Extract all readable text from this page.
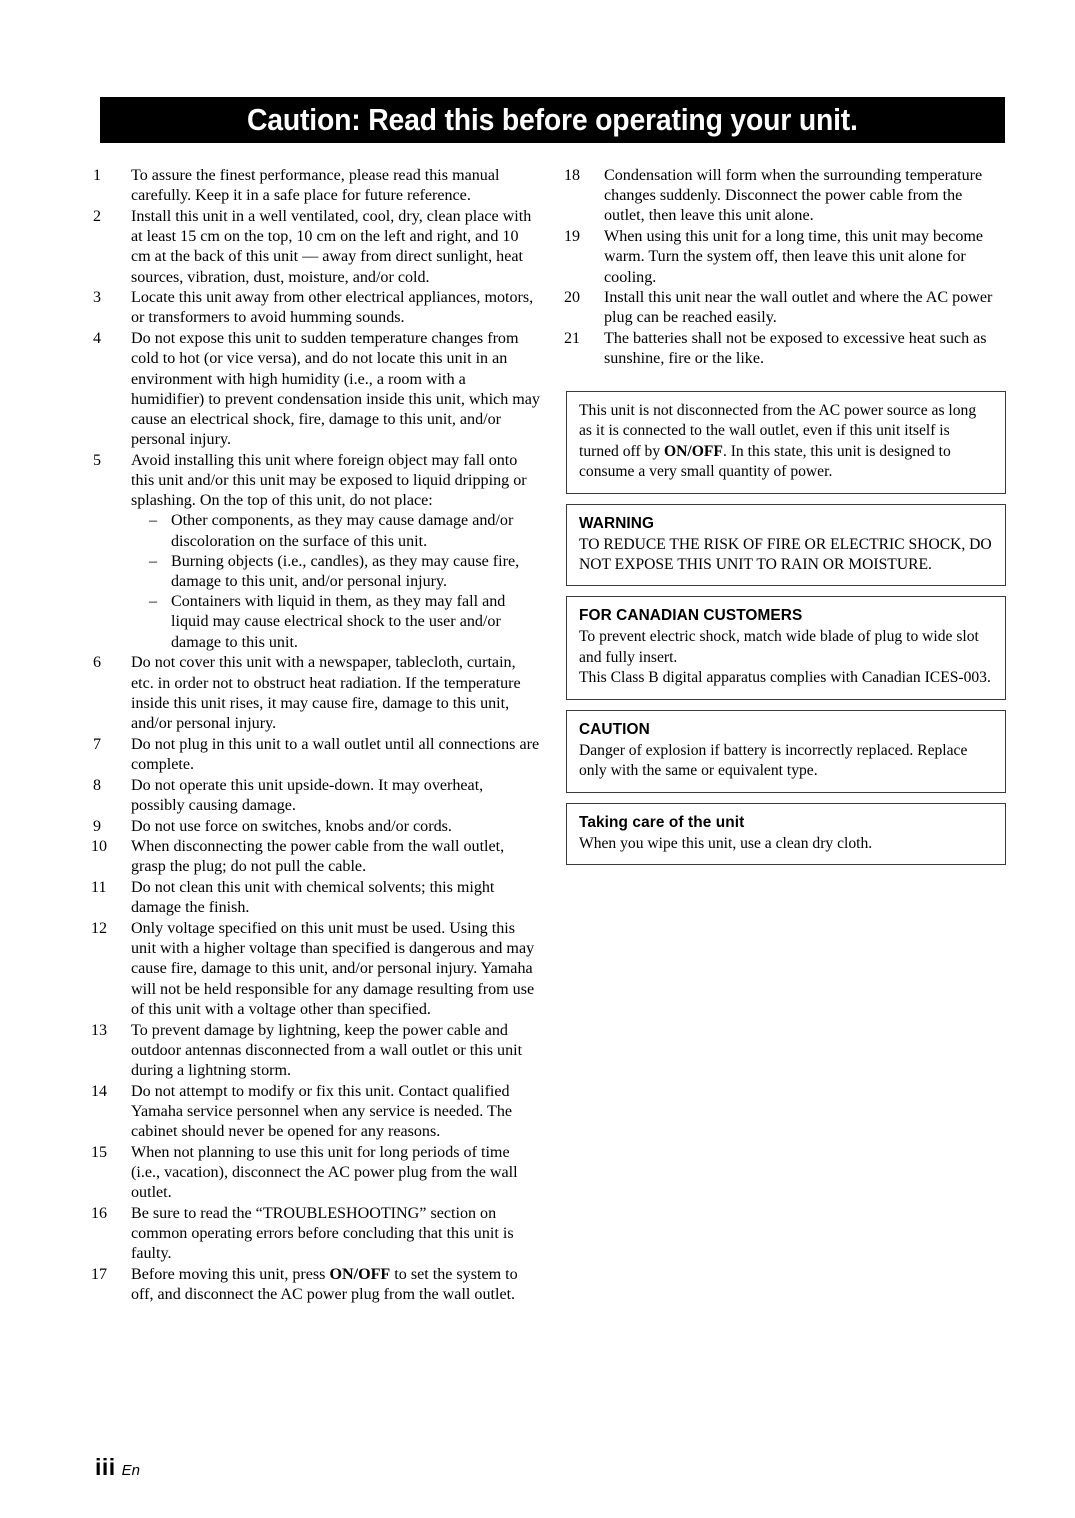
Caution: Read this before operating your unit.
1	To assure the finest performance, please read this manual carefully. Keep it in a safe place for future reference.
2	Install this unit in a well ventilated, cool, dry, clean place with at least 15 cm on the top, 10 cm on the left and right, and 10 cm at the back of this unit — away from direct sunlight, heat sources, vibration, dust, moisture, and/or cold.
3	Locate this unit away from other electrical appliances, motors, or transformers to avoid humming sounds.
4	Do not expose this unit to sudden temperature changes from cold to hot (or vice versa), and do not locate this unit in an environment with high humidity (i.e., a room with a humidifier) to prevent condensation inside this unit, which may cause an electrical shock, fire, damage to this unit, and/or personal injury.
5	Avoid installing this unit where foreign object may fall onto this unit and/or this unit may be exposed to liquid dripping or splashing. On the top of this unit, do not place:
– Other components, as they may cause damage and/or discoloration on the surface of this unit.
– Burning objects (i.e., candles), as they may cause fire, damage to this unit, and/or personal injury.
– Containers with liquid in them, as they may fall and liquid may cause electrical shock to the user and/or damage to this unit.
6	Do not cover this unit with a newspaper, tablecloth, curtain, etc. in order not to obstruct heat radiation. If the temperature inside this unit rises, it may cause fire, damage to this unit, and/or personal injury.
7	Do not plug in this unit to a wall outlet until all connections are complete.
8	Do not operate this unit upside-down. It may overheat, possibly causing damage.
9	Do not use force on switches, knobs and/or cords.
10	When disconnecting the power cable from the wall outlet, grasp the plug; do not pull the cable.
11	Do not clean this unit with chemical solvents; this might damage the finish.
12	Only voltage specified on this unit must be used. Using this unit with a higher voltage than specified is dangerous and may cause fire, damage to this unit, and/or personal injury. Yamaha will not be held responsible for any damage resulting from use of this unit with a voltage other than specified.
13	To prevent damage by lightning, keep the power cable and outdoor antennas disconnected from a wall outlet or this unit during a lightning storm.
14	Do not attempt to modify or fix this unit. Contact qualified Yamaha service personnel when any service is needed. The cabinet should never be opened for any reasons.
15	When not planning to use this unit for long periods of time (i.e., vacation), disconnect the AC power plug from the wall outlet.
16	Be sure to read the “TROUBLESHOOTING” section on common operating errors before concluding that this unit is faulty.
17	Before moving this unit, press ON/OFF to set the system to off, and disconnect the AC power plug from the wall outlet.
18	Condensation will form when the surrounding temperature changes suddenly. Disconnect the power cable from the outlet, then leave this unit alone.
19	When using this unit for a long time, this unit may become warm. Turn the system off, then leave this unit alone for cooling.
20	Install this unit near the wall outlet and where the AC power plug can be reached easily.
21	The batteries shall not be exposed to excessive heat such as sunshine, fire or the like.

This unit is not disconnected from the AC power source as long as it is connected to the wall outlet, even if this unit itself is turned off by ON/OFF. In this state, this unit is designed to consume a very small quantity of power.

WARNING

TO REDUCE THE RISK OF FIRE OR ELECTRIC SHOCK, DO NOT EXPOSE THIS UNIT TO RAIN OR MOISTURE.

FOR CANADIAN CUSTOMERS

To prevent electric shock, match wide blade of plug to wide slot and fully insert.

This Class B digital apparatus complies with Canadian ICES-003.

CAUTION

Danger of explosion if battery is incorrectly replaced. Replace only with the same or equivalent type.

Taking care of the unit

When you wipe this unit, use a clean dry cloth.

iii En
